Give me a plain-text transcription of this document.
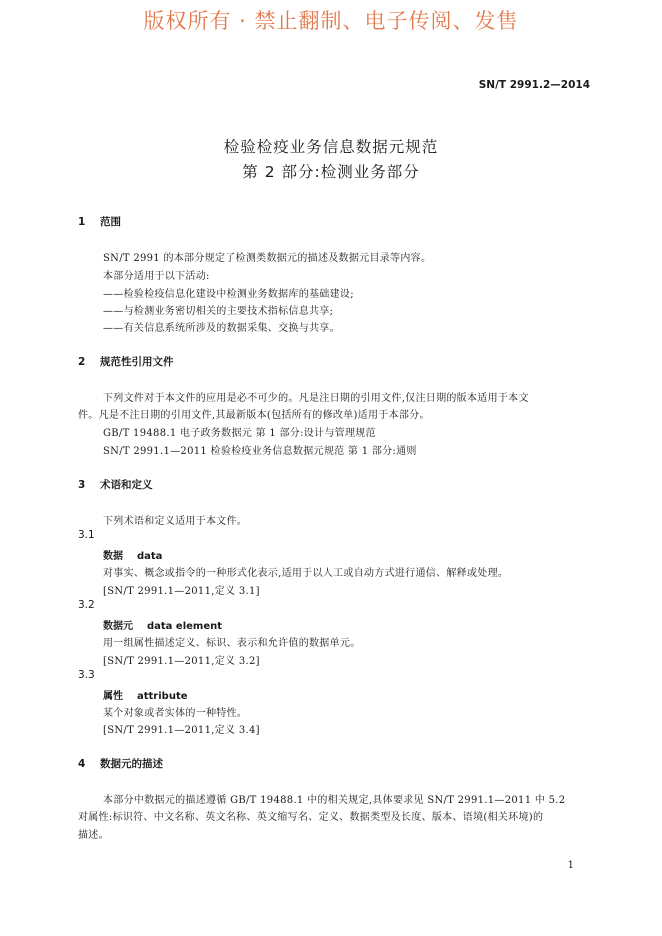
版权所有 · 禁止翻制、电子传阅、发售
SN/T 2991.2—2014
检验检疫业务信息数据元规范
第 2 部分:检测业务部分
1 范围
SN/T 2991 的本部分规定了检测类数据元的描述及数据元目录等内容。
本部分适用于以下活动:
——检验检疫信息化建设中检测业务数据库的基础建设;
——与检测业务密切相关的主要技术指标信息共享;
——有关信息系统所涉及的数据采集、交换与共享。
2 规范性引用文件
下列文件对于本文件的应用是必不可少的。凡是注日期的引用文件,仅注日期的版本适用于本文
件。凡是不注日期的引用文件,其最新版本(包括所有的修改单)适用于本部分。
GB/T 19488.1 电子政务数据元 第 1 部分:设计与管理规范
SN/T 2991.1—2011 检验检疫业务信息数据元规范 第 1 部分:通则
3 术语和定义
下列术语和定义适用于本文件。
3.1
数据 data
对事实、概念或指令的一种形式化表示,适用于以人工或自动方式进行通信、解释或处理。
[SN/T 2991.1—2011,定义 3.1]
3.2
数据元 data element
用一组属性描述定义、标识、表示和允许值的数据单元。
[SN/T 2991.1—2011,定义 3.2]
3.3
属性 attribute
某个对象或者实体的一种特性。
[SN/T 2991.1—2011,定义 3.4]
4 数据元的描述
本部分中数据元的描述遵循 GB/T 19488.1 中的相关规定,具体要求见 SN/T 2991.1—2011 中 5.2
对属性:标识符、中文名称、英文名称、英文缩写名、定义、数据类型及长度、版本、语境(相关环境)的
描述。
1
